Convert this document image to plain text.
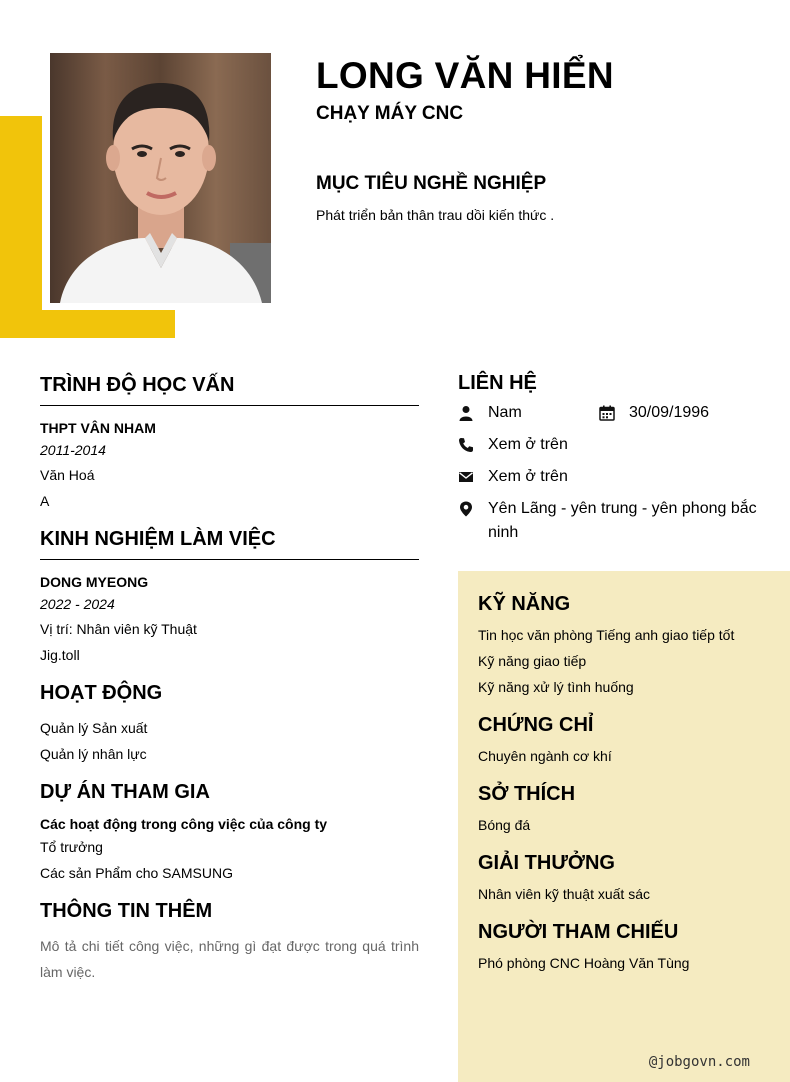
LONG VĂN HIỂN
CHẠY MÁY CNC
MỤC TIÊU NGHỀ NGHIỆP
Phát triển bản thân trau dồi kiến thức .
TRÌNH ĐỘ HỌC VẤN
THPT VÂN NHAM
2011-2014
Văn Hoá
A
KINH NGHIỆM LÀM VIỆC
DONG MYEONG
2022 - 2024
Vị trí: Nhân viên kỹ Thuật
Jig.toll
HOẠT ĐỘNG
Quản lý Sản xuất
Quản lý nhân lực
DỰ ÁN THAM GIA
Các hoạt động trong công việc của công ty
Tổ trưởng
Các sản Phẩm cho SAMSUNG
THÔNG TIN THÊM
Mô tả chi tiết công việc, những gì đạt được trong quá trình làm việc.
LIÊN HỆ
Nam	30/09/1996
Xem ở trên
Xem ở trên
Yên Lãng - yên trung - yên phong bắc ninh
KỸ NĂNG
Tin học văn phòng Tiếng anh giao tiếp tốt
Kỹ năng giao tiếp
Kỹ năng xử lý tình huống
CHỨNG CHỈ
Chuyên ngành cơ khí
SỞ THÍCH
Bóng đá
GIẢI THƯỞNG
Nhân viên kỹ thuật xuất sác
NGƯỜI THAM CHIẾU
Phó phòng CNC Hoàng Văn Tùng
@jobgovn.com
